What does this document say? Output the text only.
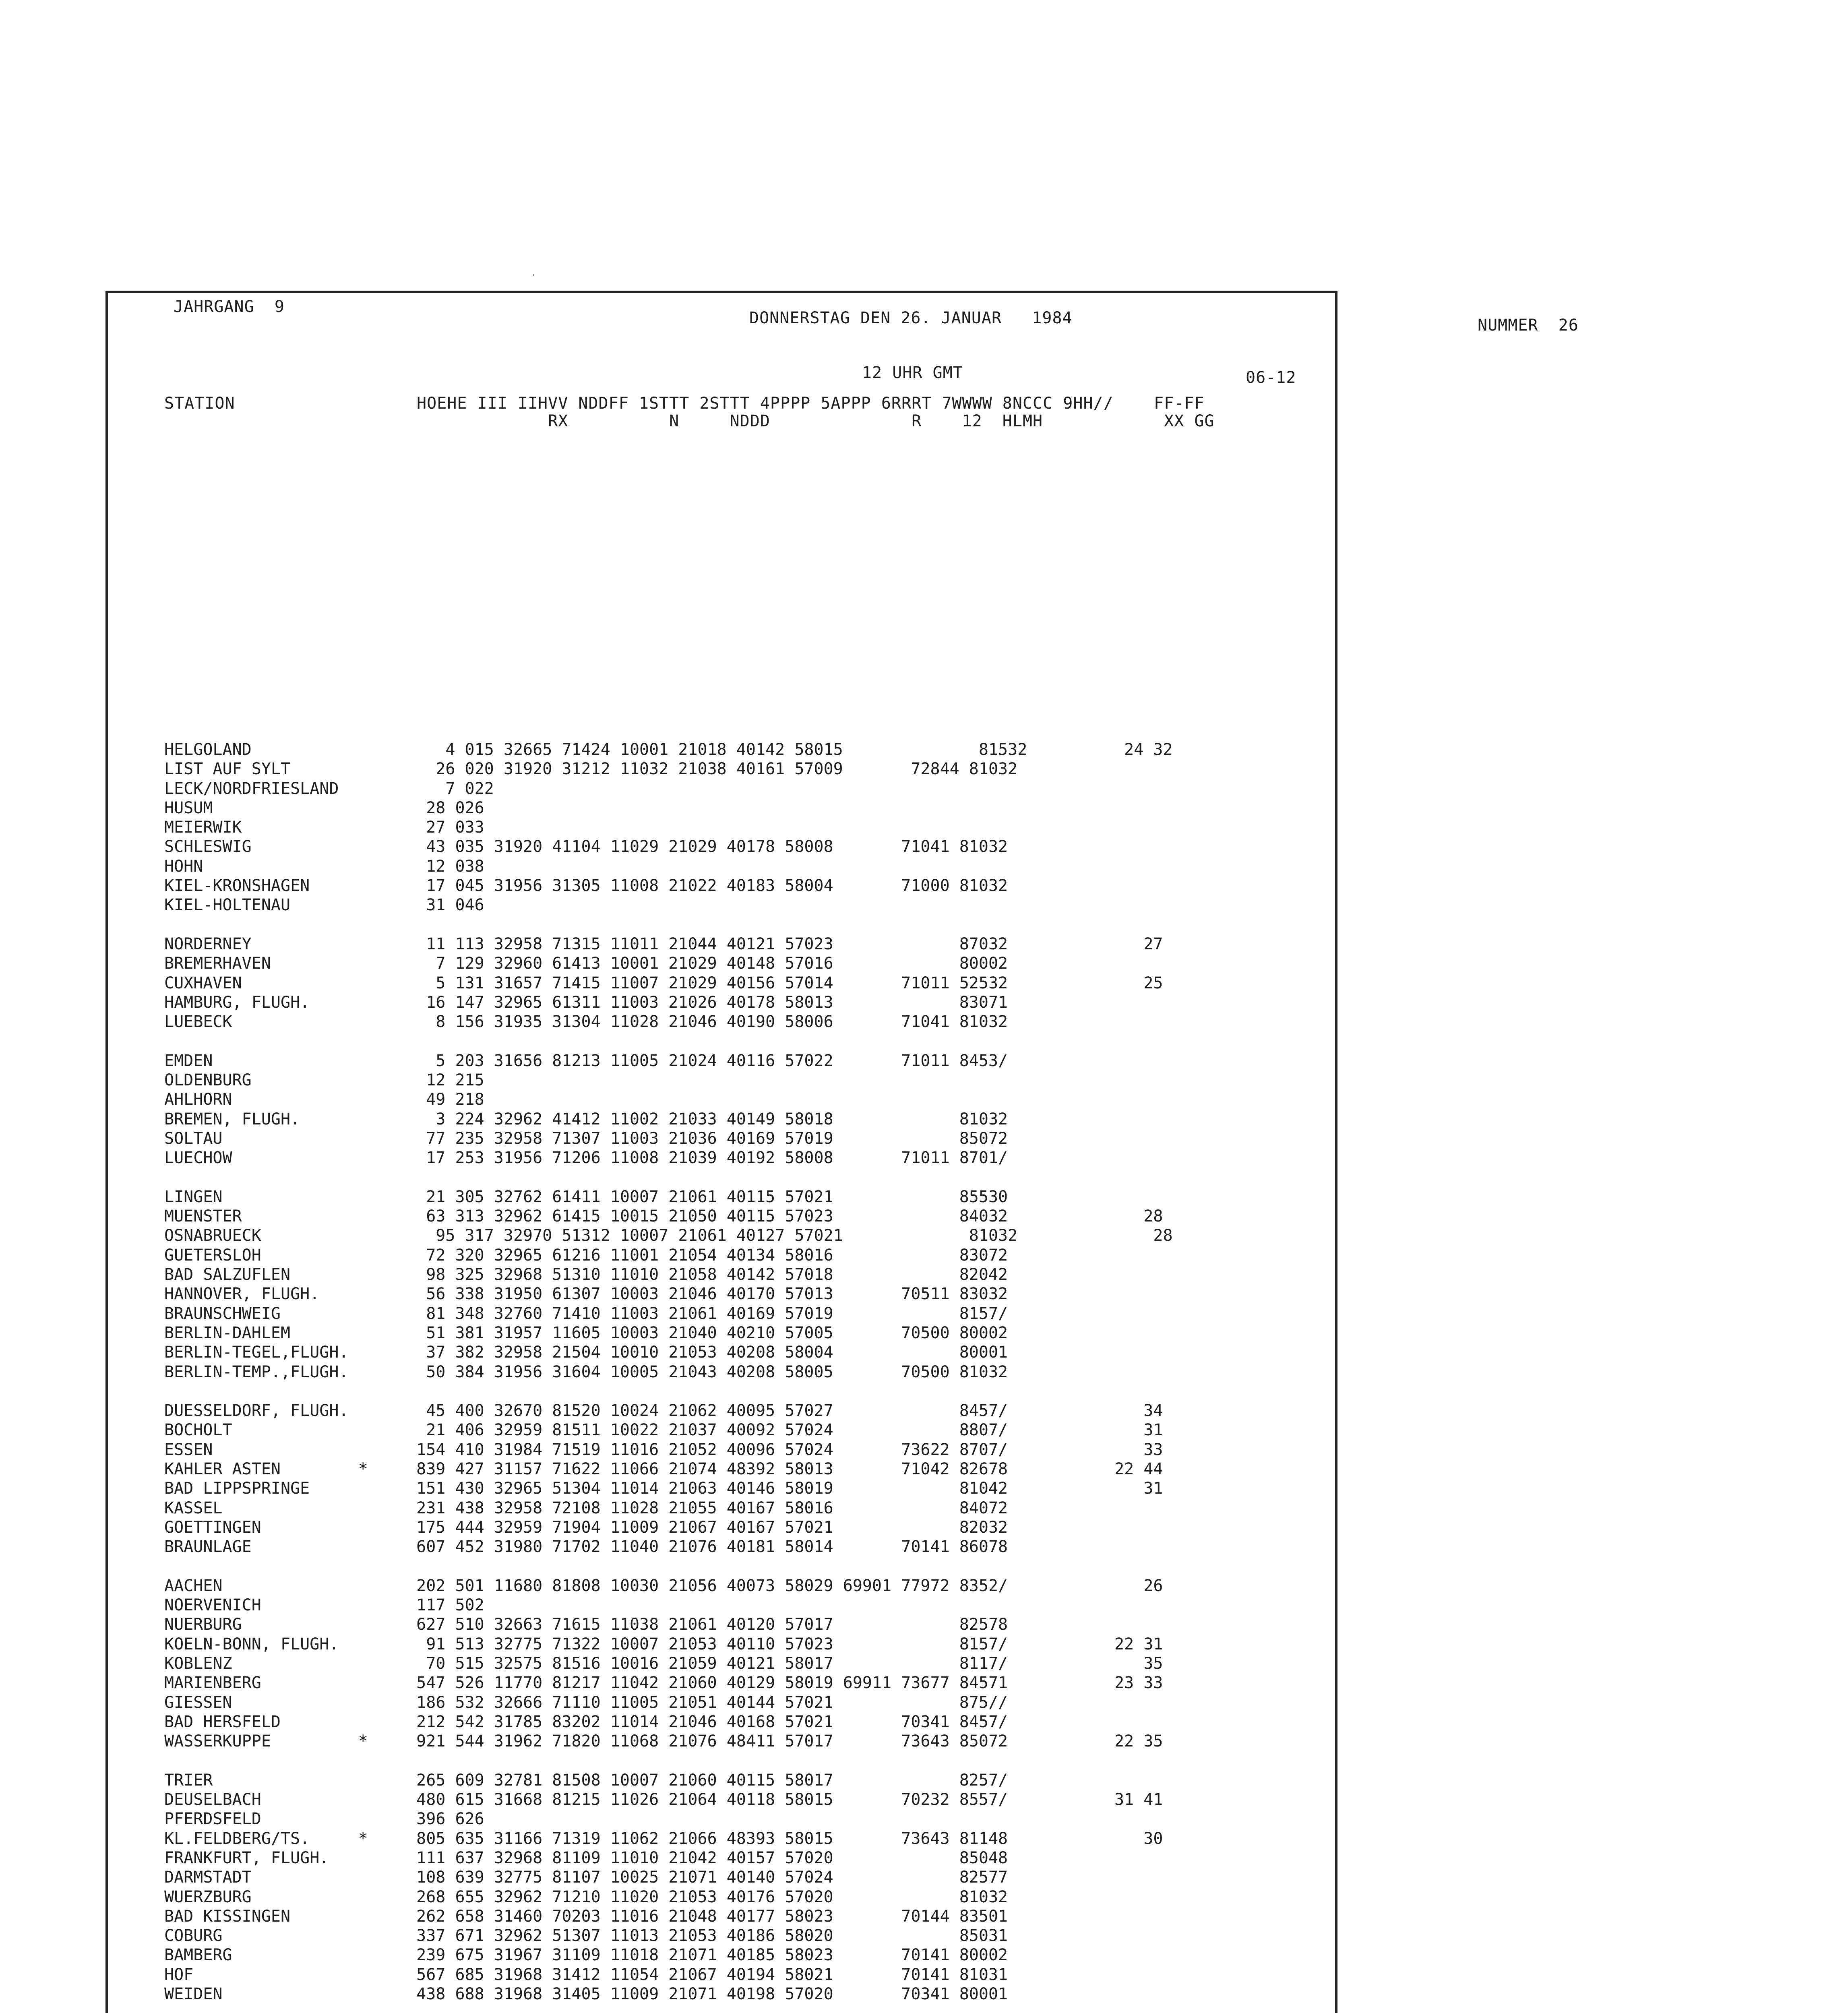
JAHRGANG  9
DONNERSTAG DEN 26. JANUAR   1984
12 UHR GMT	06-12
STATION                  HOEHE III IIHVV NDDFF 1STTT 2STTT 4PPPP 5APPP 6RRRT 7WWWW 8NCCC 9HH//    FF-FF
RX          N     NDDD              R    12  HLMH            XX GG
HELGOLAND                    4 015 32665 71424 10001 21018 40142 58015              81532          24 32
LIST AUF SYLT               26 020 31920 31212 11032 21038 40161 57009       72844 81032
LECK/NORDFRIESLAND           7 022
HUSUM                      28 026
MEIERWIK                   27 033
SCHLESWIG                  43 035 31920 41104 11029 21029 40178 58008       71041 81032
HOHN                       12 038
KIEL-KRONSHAGEN            17 045 31956 31305 11008 21022 40183 58004       71000 81032
KIEL-HOLTENAU              31 046
NORDERNEY                  11 113 32958 71315 11011 21044 40121 57023             87032              27
BREMERHAVEN                 7 129 32960 61413 10001 21029 40148 57016             80002
CUXHAVEN                    5 131 31657 71415 11007 21029 40156 57014       71011 52532              25
HAMBURG, FLUGH.            16 147 32965 61311 11003 21026 40178 58013             83071
LUEBECK                     8 156 31935 31304 11028 21046 40190 58006       71041 81032
EMDEN                       5 203 31656 81213 11005 21024 40116 57022       71011 8453/
OLDENBURG                  12 215
AHLHORN                    49 218
BREMEN, FLUGH.              3 224 32962 41412 11002 21033 40149 58018             81032
SOLTAU                     77 235 32958 71307 11003 21036 40169 57019             85072
LUECHOW                    17 253 31956 71206 11008 21039 40192 58008       71011 8701/
LINGEN                     21 305 32762 61411 10007 21061 40115 57021             85530
MUENSTER                   63 313 32962 61415 10015 21050 40115 57023             84032              28
OSNABRUECK                  95 317 32970 51312 10007 21061 40127 57021             81032              28
GUETERSLOH                 72 320 32965 61216 11001 21054 40134 58016             83072
BAD SALZUFLEN              98 325 32968 51310 11010 21058 40142 57018             82042
HANNOVER, FLUGH.           56 338 31950 61307 10003 21046 40170 57013       70511 83032
BRAUNSCHWEIG               81 348 32760 71410 11003 21061 40169 57019             8157/
BERLIN-DAHLEM              51 381 31957 11605 10003 21040 40210 57005       70500 80002
BERLIN-TEGEL,FLUGH.        37 382 32958 21504 10010 21053 40208 58004             80001
BERLIN-TEMP.,FLUGH.        50 384 31956 31604 10005 21043 40208 58005       70500 81032
DUESSELDORF, FLUGH.        45 400 32670 81520 10024 21062 40095 57027             8457/              34
BOCHOLT                    21 406 32959 81511 10022 21037 40092 57024             8807/              31
ESSEN                     154 410 31984 71519 11016 21052 40096 57024       73622 8707/              33
KAHLER ASTEN        *     839 427 31157 71622 11066 21074 48392 58013       71042 82678           22 44
BAD LIPPSPRINGE           151 430 32965 51304 11014 21063 40146 58019             81042              31
KASSEL                    231 438 32958 72108 11028 21055 40167 58016             84072
GOETTINGEN                175 444 32959 71904 11009 21067 40167 57021             82032
BRAUNLAGE                 607 452 31980 71702 11040 21076 40181 58014       70141 86078
AACHEN                    202 501 11680 81808 10030 21056 40073 58029 69901 77972 8352/              26
NOERVENICH                117 502
NUERBURG                  627 510 32663 71615 11038 21061 40120 57017             82578
KOELN-BONN, FLUGH.         91 513 32775 71322 10007 21053 40110 57023             8157/           22 31
KOBLENZ                    70 515 32575 81516 10016 21059 40121 58017             8117/              35
MARIENBERG                547 526 11770 81217 11042 21060 40129 58019 69911 73677 84571           23 33
GIESSEN                   186 532 32666 71110 11005 21051 40144 57021             875//
BAD HERSFELD              212 542 31785 83202 11014 21046 40168 57021       70341 8457/
WASSERKUPPE         *     921 544 31962 71820 11068 21076 48411 57017       73643 85072           22 35
TRIER                     265 609 32781 81508 10007 21060 40115 58017             8257/
DEUSELBACH                480 615 31668 81215 11026 21064 40118 58015       70232 8557/           31 41
PFERDSFELD                396 626
KL.FELDBERG/TS.     *     805 635 31166 71319 11062 21066 48393 58015       73643 81148              30
FRANKFURT, FLUGH.         111 637 32968 81109 11010 21042 40157 57020             85048
DARMSTADT                 108 639 32775 81107 10025 21071 40140 57024             82577
WUERZBURG                 268 655 32962 71210 11020 21053 40176 57020             81032
BAD KISSINGEN             262 658 31460 70203 11016 21048 40177 58023       70144 83501
COBURG                    337 671 32962 51307 11013 21053 40186 58020             85031
BAMBERG                   239 675 31967 31109 11018 21071 40185 58023       70141 80002
HOF                       567 685 31968 31412 11054 21067 40194 58021       70141 81031
WEIDEN                    438 688 31968 31405 11009 21071 40198 57020       70341 80001
NUMMER  26
ˌ
